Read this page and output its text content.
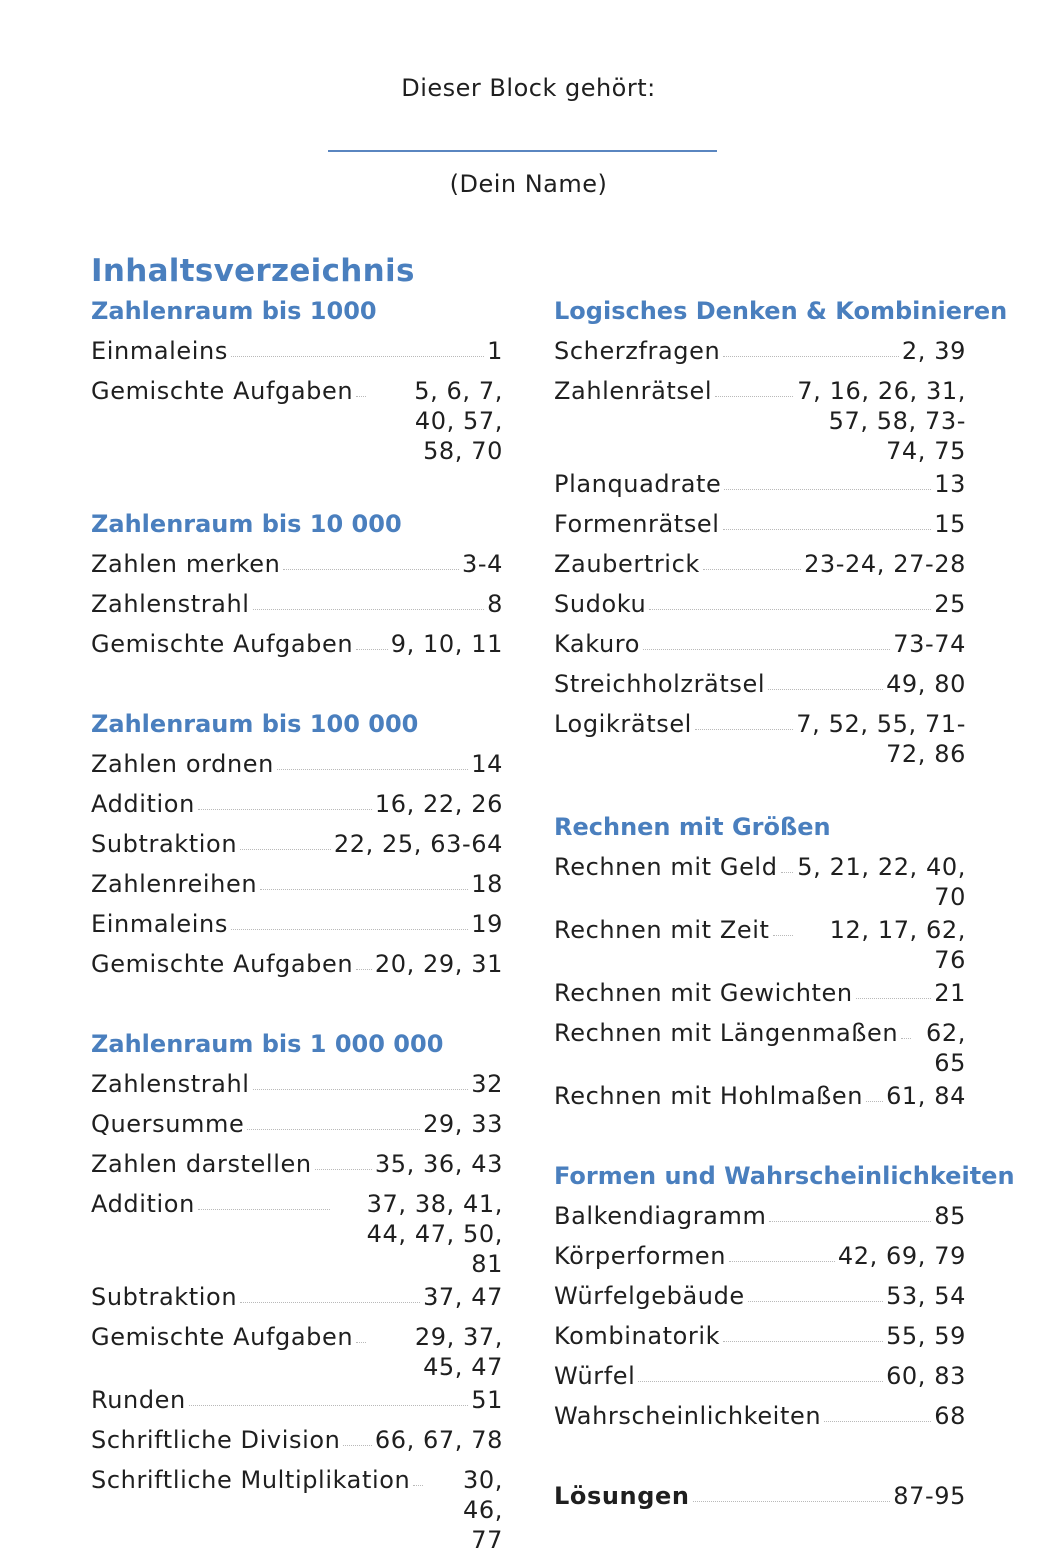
Dieser Block gehört:
(Dein Name)
Inhaltsverzeichnis
Zahlenraum bis 1000
Einmaleins	1
Gemischte Aufgaben	5, 6, 7, 40, 57, 58, 70
Zahlenraum bis 10 000
Zahlen merken	3-4
Zahlenstrahl	8
Gemischte Aufgaben 9, 10, 11
Zahlenraum bis 100 000
Zahlen ordnen	14
Addition	16, 22, 26
Subtraktion	22, 25, 63-64
Zahlenreihen	18
Einmaleins	19
Gemischte Aufgaben 20, 29, 31
Zahlenraum bis 1 000 000
Zahlenstrahl	32
Quersumme	29, 33
Zahlen darstellen	35, 36, 43
Addition	37, 38, 41, 44, 47, 50, 81
Subtraktion	37, 47
Gemischte Aufgaben	29, 37, 45, 47
Runden	51
Schriftliche Division 66, 67, 78
Schriftliche Multiplikation	30, 46, 77
Logisches Denken & Kombinieren
Scherzfragen	2, 39
Zahlenrätsel	7, 16, 26, 31, 57, 58, 73-74, 75
Planquadrate	13
Formenrätsel	15
Zaubertrick	23-24, 27-28
Sudoku	25
Kakuro	73-74
Streichholzrätsel	49, 80
Logikrätsel	7, 52, 55, 71-72, 86
Rechnen mit Größen
Rechnen mit Geld 5, 21, 22, 40, 70
Rechnen mit Zeit	12, 17, 62, 76
Rechnen mit Gewichten	21
Rechnen mit Längenmaßen	62, 65
Rechnen mit Hohlmaßen 61, 84
Formen und Wahrscheinlichkeiten
Balkendiagramm	85
Körperformen	42, 69, 79
Würfelgebäude	53, 54
Kombinatorik	55, 59
Würfel	60, 83
Wahrscheinlichkeiten	68
Lösungen	87-95
